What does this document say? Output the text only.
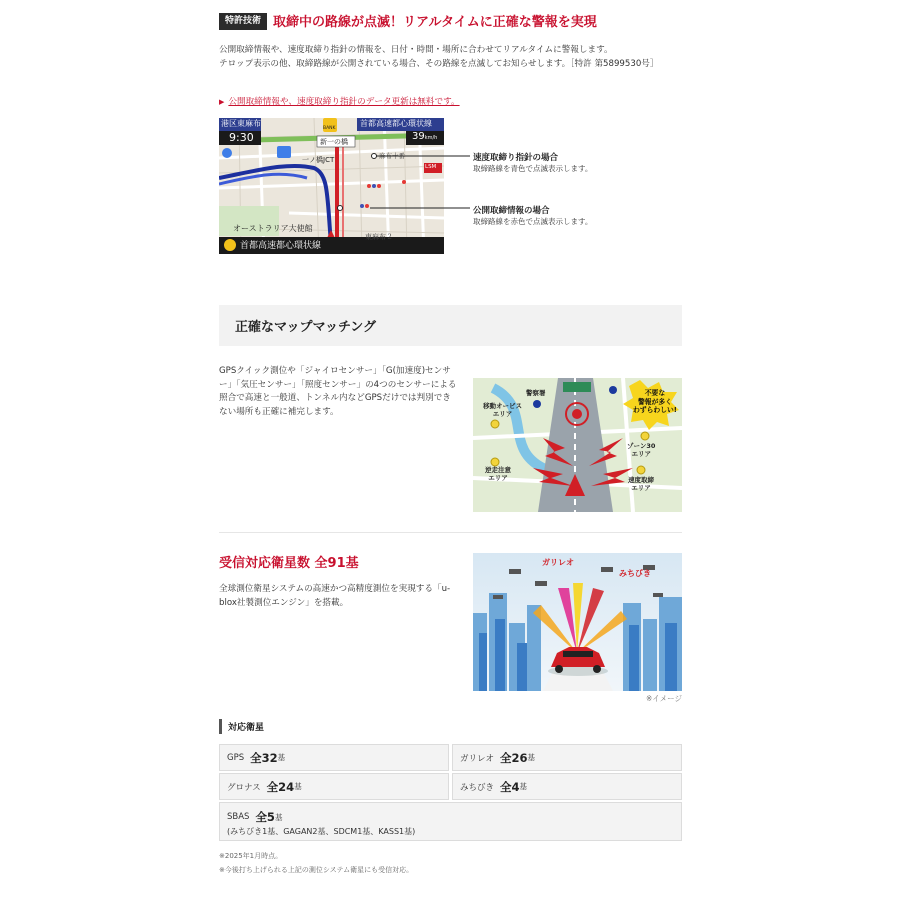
特許技術 取締中の路線が点滅！リアルタイムに正確な警報を実現
公開取締情報や、速度取締り指針の情報を、日付・時間・場所に合わせてリアルタイムに警報します。
テロップ表示の他、取締路線が公開されている場合、その路線を点滅してお知らせします。［特許 第5899530号］
▶ 公開取締情報や、速度取締り指針のデータ更新は無料です。
港区東麻布
9:30
首都高速都心環状線
39km/h
新一の橋
一ノ橋JCT	麻布十番
BANK
LSM
オーストラリア大使館
東麻布２
首都高速都心環状線
速度取締り指針の場合
取締路線を青色で点滅表示します。
公開取締情報の場合
取締路線を赤色で点滅表示します。
正確なマップマッチング
GPSクイック測位や「ジャイロセンサー」「G(加速度)センサー」「気圧センサー」「照度センサー」の4つのセンサーによる照合で高速と一般道、トンネル内などGPSだけでは判別できない場所も正確に補完します。
警察署
移動オービス
エリア
ゾーン30
エリア
逆走注意
エリア	速度取締
エリア
不要な
警報が多く
わずらわしい!
受信対応衛星数 全91基
全球測位衛星システムの高速かつ高精度測位を実現する「u-blox社製測位エンジン」を搭載。
ガリレオ
みちびき
※イメージ
対応衛星
GPS 全32 基	ガリレオ 全26 基
グロナス 全24 基	みちびき 全4 基
SBAS 全5 基
(みちびき1基、GAGAN2基、SDCM1基、KASS1基)
※2025年1月時点。
※今後打ち上げられる上記の測位システム衛星にも受信対応。
